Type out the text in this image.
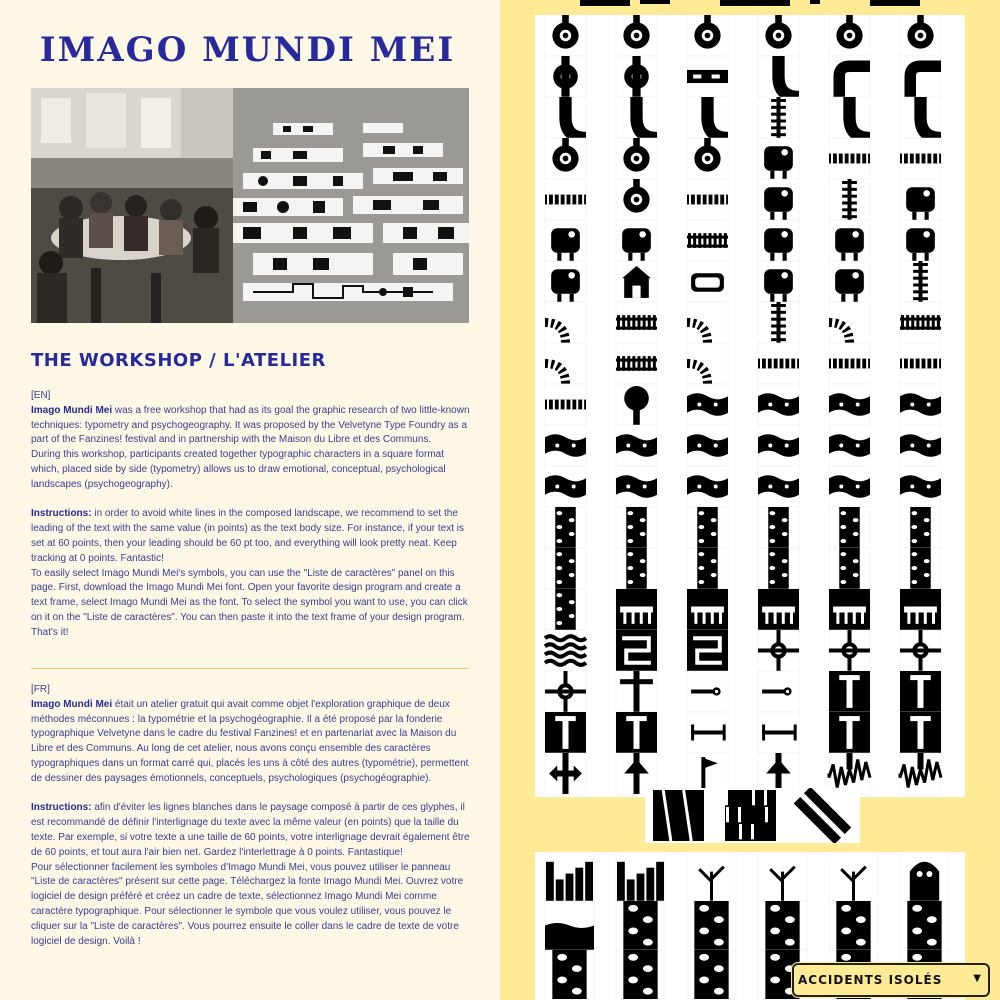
IMAGO MUNDI MEI
THE WORKSHOP / L'ATELIER

[EN]

Imago Mundi Mei was a free workshop that had as its goal the graphic research of two little-known techniques: typometry and psychogeography. It was proposed by the Velvetyne Type Foundry as a part of the Fanzines! festival and in partnership with the Maison du Libre et des Communs.

During this workshop, participants created together typographic characters in a square format which, placed side by side (typometry) allows us to draw emotional, conceptual, psychological landscapes (psychogeography).

Instructions: in order to avoid white lines in the composed landscape, we recommend to set the leading of the text with the same value (in points) as the text body size. For instance, if your text is set at 60 points, then your leading should be 60 pt too, and everything will look pretty neat. Keep tracking at 0 points. Fantastic!

To easily select Imago Mundi Mei's symbols, you can use the "Liste de caractères" panel on this page. First, download the Imago Mundi Mei font. Open your favorite design program and create a text frame, select Imago Mundi Mei as the font. To select the symbol you want to use, you can click on it on the "Liste de caractères". You can then paste it into the text frame of your design program. That's it!

[FR]

Imago Mundi Mei était un atelier gratuit qui avait comme objet l'exploration graphique de deux méthodes méconnues : la typométrie et la psychogéographie. Il a été proposé par la fonderie typographique Velvetyne dans le cadre du festival Fanzines! et en partenariat avec la Maison du Libre et des Communs. Au long de cet atelier, nous avons conçu ensemble des caractères typographiques dans un format carré qui, placés les uns à côté des autres (typométrie), permettent de dessiner des paysages émotionnels, conceptuels, psychologiques (psychogéographie).

Instructions: afin d'éviter les lignes blanches dans le paysage composé à partir de ces glyphes, il est recommandé de définir l'interlignage du texte avec la même valeur (en points) que la taille du texte. Par exemple, si votre texte a une taille de 60 points, votre interlignage devrait également être de 60 points, et tout aura l'air bien net. Gardez l'interlettrage à 0 points. Fantastique!

Pour sélectionner facilement les symboles d'Imago Mundi Mei, vous pouvez utiliser le panneau "Liste de caractères" présent sur cette page. Téléchargez la fonte Imago Mundi Mei. Ouvrez votre logiciel de design préféré et créez un cadre de texte, sélectionnez Imago Mundi Mei comme caractère typographique. Pour sélectionner le symbole que vous voulez utiliser, vous pouvez le cliquer sur la "Liste de caractères". Vous pourrez ensuite le coller dans le cadre de texte de votre logiciel de design. Voilà !

ACCIDENTS ISOLÉS	▼
